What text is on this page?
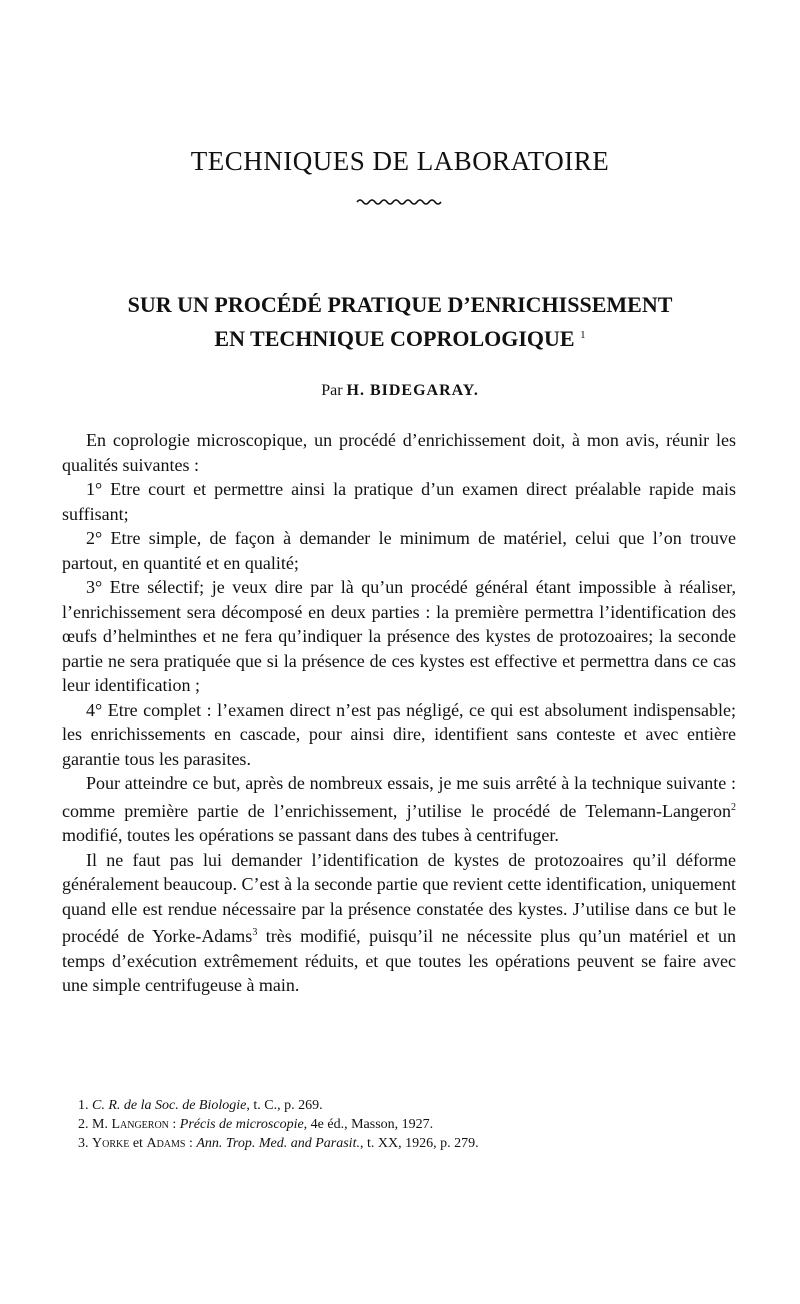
TECHNIQUES DE LABORATOIRE
SUR UN PROCÉDÉ PRATIQUE D’ENRICHISSEMENT
EN TECHNIQUE COPROLOGIQUE $^1$
Par H. BIDEGARAY.

En coprologie microscopique, un procédé d’enrichissement doit, à mon avis, réunir les qualités suivantes :

1° Etre court et permettre ainsi la pratique d’un examen direct préalable rapide mais suffisant;

2° Etre simple, de façon à demander le minimum de matériel, celui que l’on trouve partout, en quantité et en qualité;

3° Etre sélectif; je veux dire par là qu’un procédé général étant impossible à réaliser, l’enrichissement sera décomposé en deux parties : la première permettra l’identification des œufs d’helminthes et ne fera qu’indiquer la présence des kystes de protozoaires; la seconde partie ne sera pratiquée que si la présence de ces kystes est effective et permettra dans ce cas leur identification ;

4° Etre complet : l’examen direct n’est pas négligé, ce qui est absolument indispensable; les enrichissements en cascade, pour ainsi dire, identifient sans conteste et avec entière garantie tous les parasites.

Pour atteindre ce but, après de nombreux essais, je me suis arrêté à la technique suivante : comme première partie de l’enrichissement, j’utilise le procédé de Telemann-Langeron$^2$ modifié, toutes les opérations se passant dans des tubes à centrifuger.

Il ne faut pas lui demander l’identification de kystes de protozoaires qu’il déforme généralement beaucoup. C’est à la seconde partie que revient cette identification, uniquement quand elle est rendue nécessaire par la présence constatée des kystes. J’utilise dans ce but le procédé de Yorke-Adams$^3$ très modifié, puisqu’il ne nécessite plus qu’un matériel et un temps d’exécution extrêmement réduits, et que toutes les opérations peuvent se faire avec une simple centrifugeuse à main.

1. C. R. de la Soc. de Biologie, t. C., p. 269.

2. M. Langeron : Précis de microscopie, 4e éd., Masson, 1927.

3. Yorke et Adams : Ann. Trop. Med. and Parasit., t. XX, 1926, p. 279.
